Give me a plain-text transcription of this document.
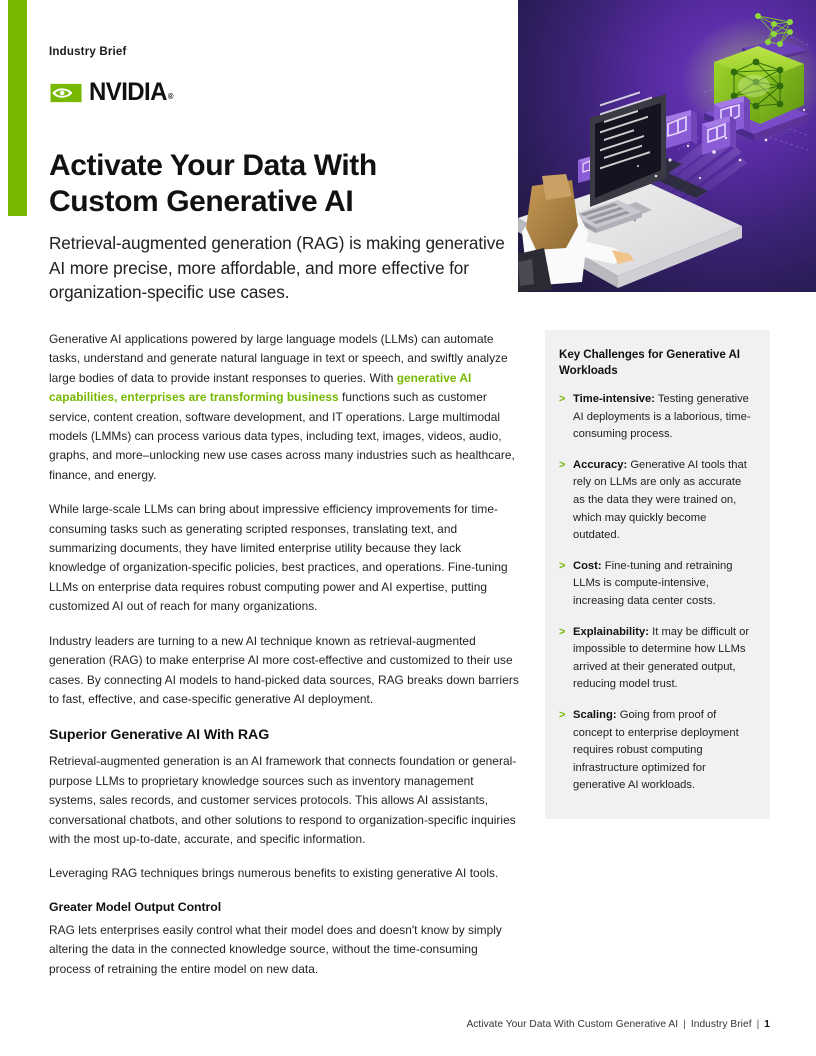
Industry Brief
NVIDIA®
Activate Your Data With Custom Generative AI

Retrieval-augmented generation (RAG) is making generative AI more precise, more affordable, and more effective for organization-specific use cases.

Generative AI applications powered by large language models (LLMs) can automate tasks, understand and generate natural language in text or speech, and swiftly analyze large bodies of data to provide instant responses to queries. With generative AI capabilities, enterprises are transforming business functions such as customer service, content creation, software development, and IT operations. Large multimodal models (LMMs) can process various data types, including text, images, videos, audio, graphs, and more–unlocking new use cases across many industries such as healthcare, finance, and energy.

While large-scale LLMs can bring about impressive efficiency improvements for time-consuming tasks such as generating scripted responses, translating text, and summarizing documents, they have limited enterprise utility because they lack knowledge of organization-specific policies, best practices, and operations. Fine-tuning LLMs on enterprise data requires robust computing power and AI expertise, putting customized AI out of reach for many organizations.

Industry leaders are turning to a new AI technique known as retrieval-augmented generation (RAG) to make enterprise AI more cost-effective and customized to their use cases. By connecting AI models to hand-picked data sources, RAG breaks down barriers to fast, effective, and case-specific generative AI deployment.

Superior Generative AI With RAG

Retrieval-augmented generation is an AI framework that connects foundation or general-purpose LLMs to proprietary knowledge sources such as inventory management systems, sales records, and customer services protocols. This allows AI assistants, conversational chatbots, and other solutions to respond to organization-specific inquiries with the most up-to-date, accurate, and specific information.

Leveraging RAG techniques brings numerous benefits to existing generative AI tools.

Greater Model Output Control

RAG lets enterprises easily control what their model does and doesn't know by simply altering the data in the connected knowledge source, without the time-consuming process of retraining the entire model on new data.

Key Challenges for Generative AI Workloads
> Time-intensive: Testing generative AI deployments is a laborious, time-consuming process.
> Accuracy: Generative AI tools that rely on LLMs are only as accurate as the data they were trained on, which may quickly become outdated.
> Cost: Fine-tuning and retraining LLMs is compute-intensive, increasing data center costs.
> Explainability: It may be difficult or impossible to determine how LLMs arrived at their generated output, reducing model trust.
> Scaling: Going from proof of concept to enterprise deployment requires robust computing infrastructure optimized for generative AI workloads.
Activate Your Data With Custom Generative AI | Industry Brief | 1
